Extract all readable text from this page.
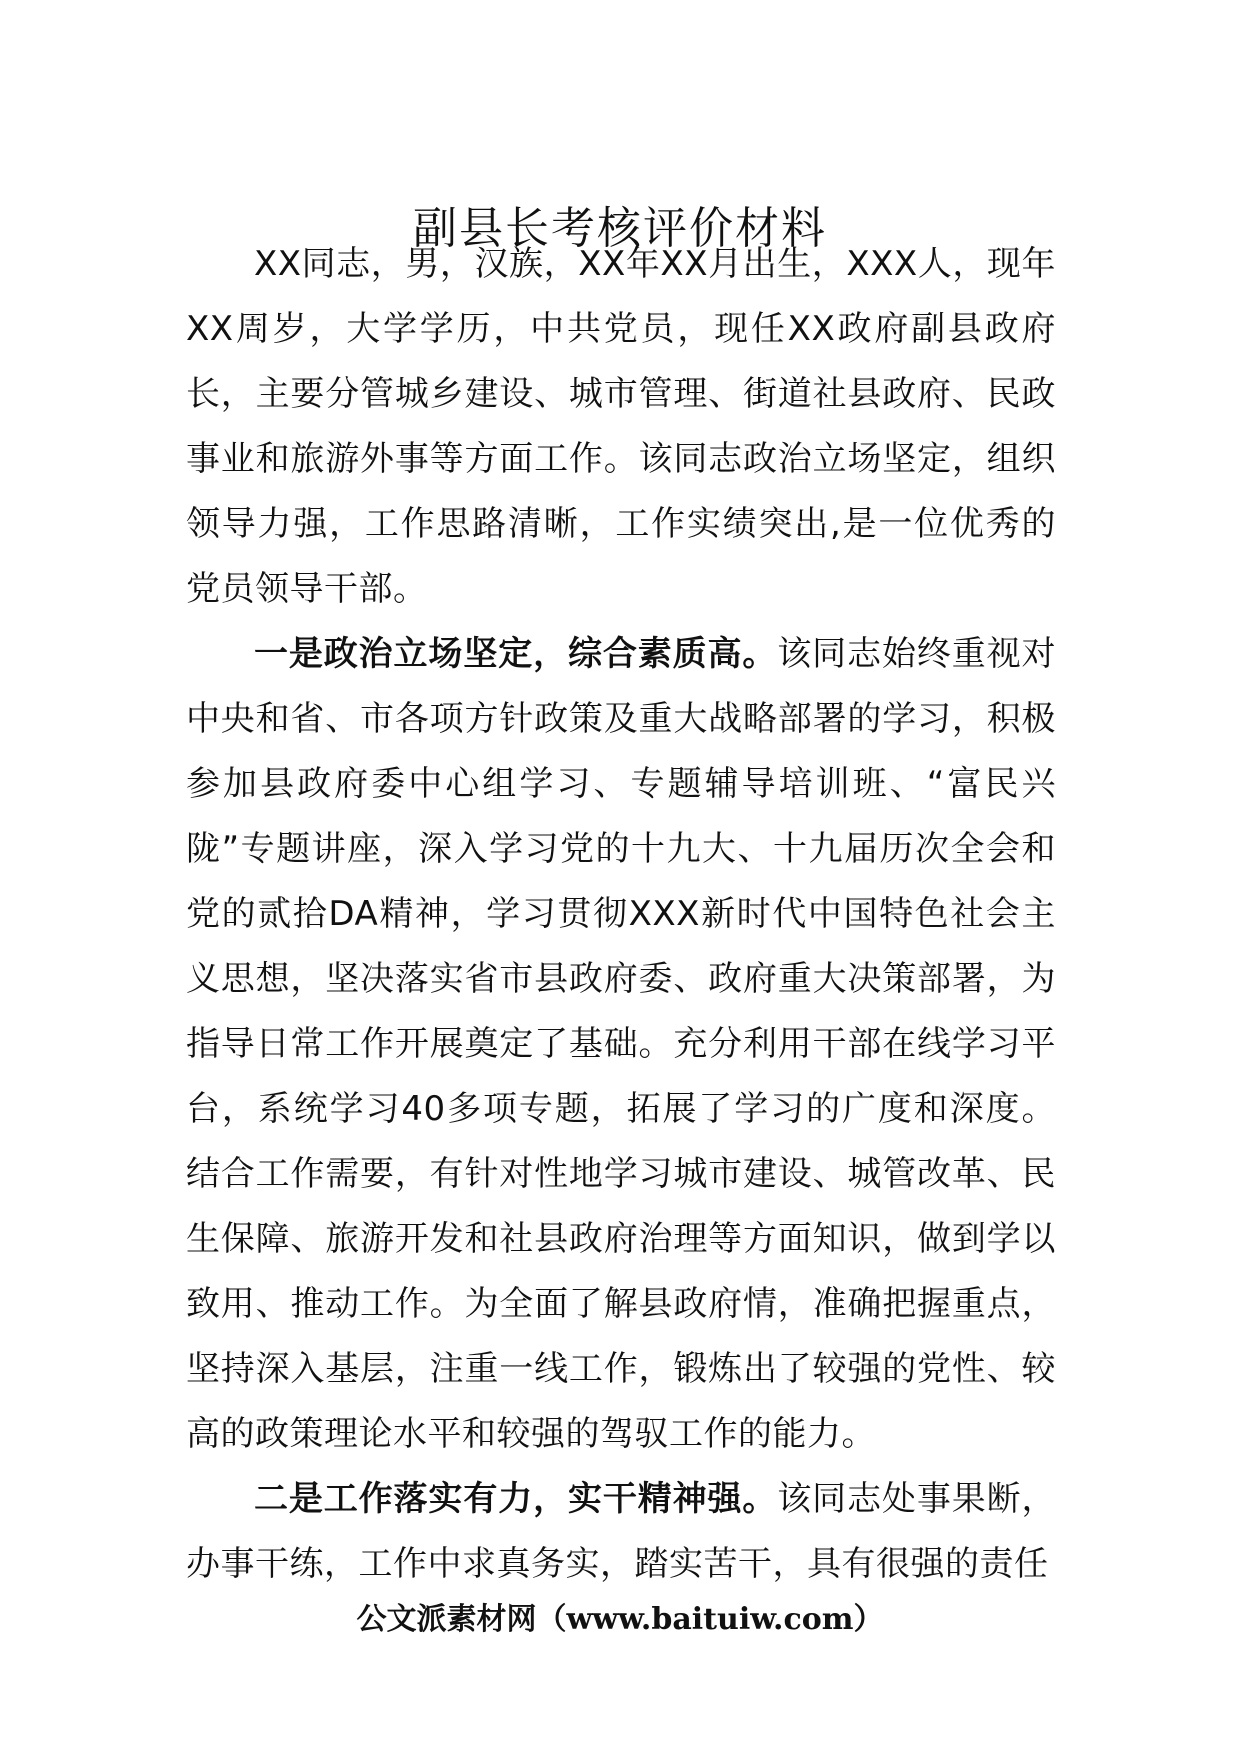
副县长考核评价材料

XX同志，男，汉族，XX年XX月出生，XXX人，现年XX周岁，大学学历，中共党员，现任XX政府副县政府长，主要分管城乡建设、城市管理、街道社县政府、民政事业和旅游外事等方面工作。该同志政治立场坚定，组织领导力强，工作思路清晰，工作实绩突出,是一位优秀的党员领导干部。

一是政治立场坚定，综合素质高。该同志始终重视对中央和省、市各项方针政策及重大战略部署的学习，积极参加县政府委中心组学习、专题辅导培训班、“富民兴陇”专题讲座，深入学习党的十九大、十九届历次全会和党的贰拾DA精神，学习贯彻XXX新时代中国特色社会主义思想，坚决落实省市县政府委、政府重大决策部署，为指导日常工作开展奠定了基础。充分利用干部在线学习平台，系统学习40多项专题，拓展了学习的广度和深度。结合工作需要，有针对性地学习城市建设、城管改革、民生保障、旅游开发和社县政府治理等方面知识，做到学以致用、推动工作。为全面了解县政府情，准确把握重点，坚持深入基层，注重一线工作，锻炼出了较强的党性、较高的政策理论水平和较强的驾驭工作的能力。

二是工作落实有力，实干精神强。该同志处事果断，办事干练，工作中求真务实，踏实苦干，具有很强的责任

公文派素材网（www.baituiw.com）
